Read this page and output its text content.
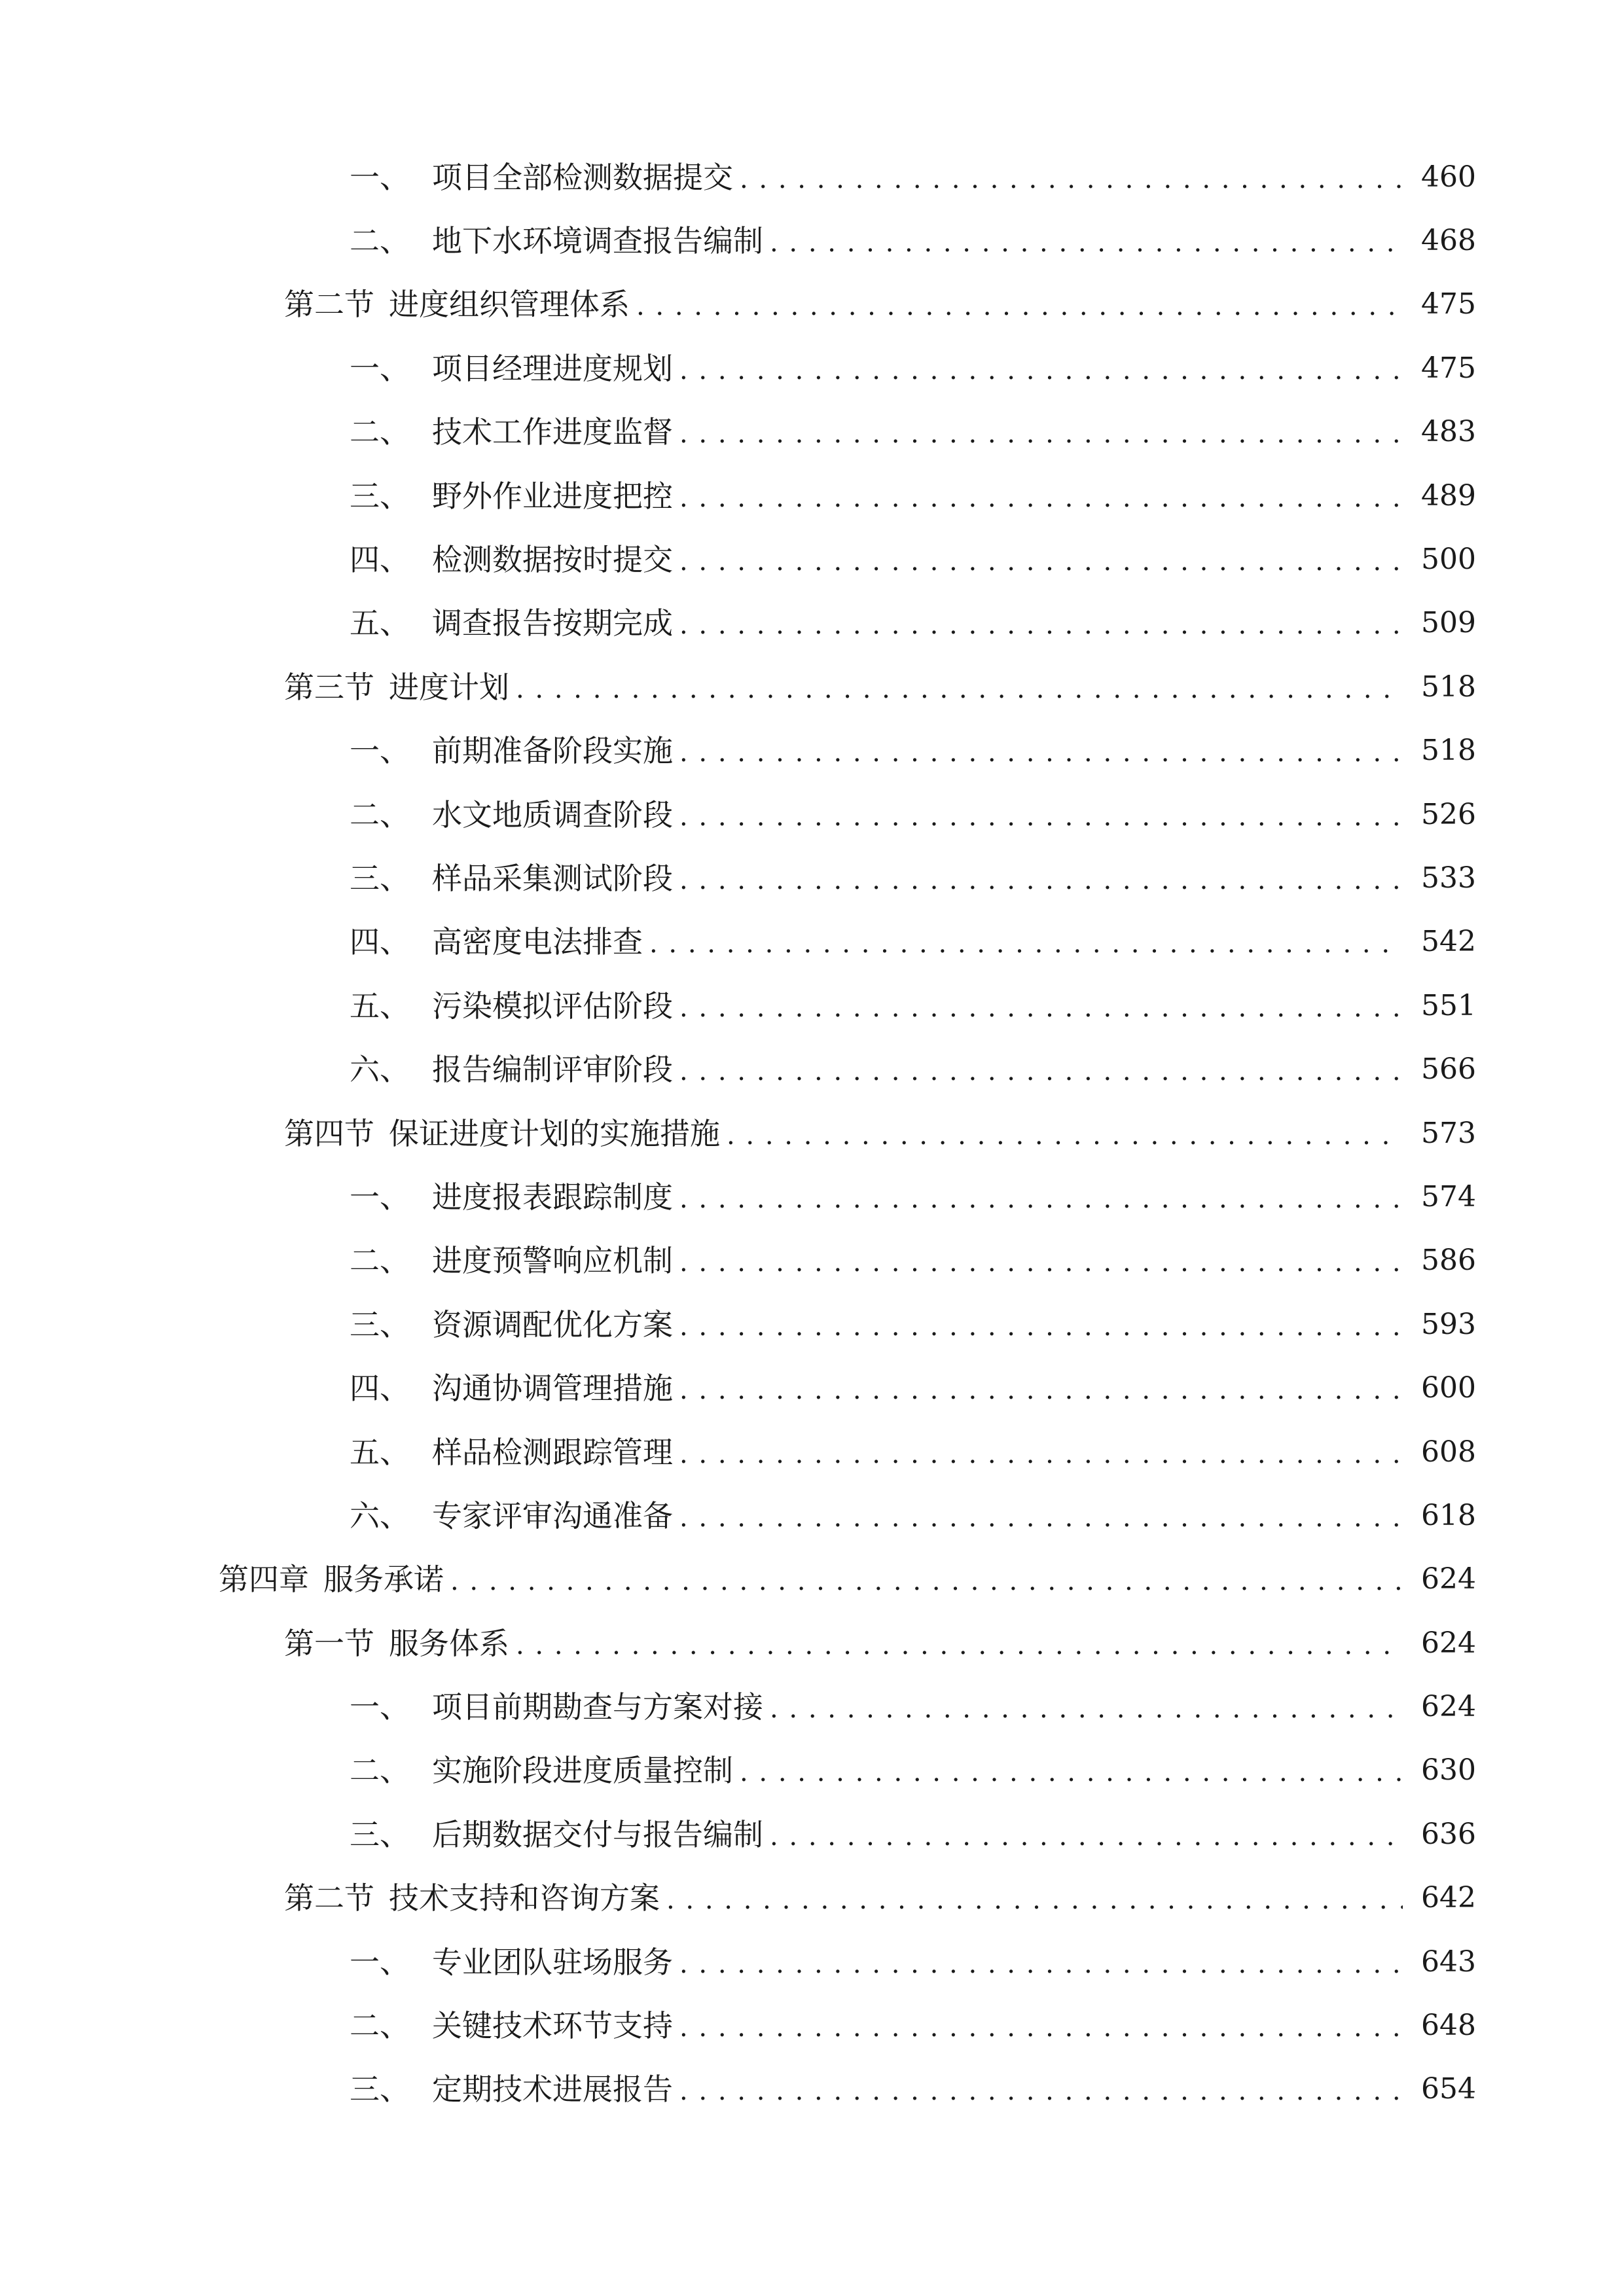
一、 项目全部检测数据提交 . . .	460
二、 地下水环境调查报告编制 . . .	468
第二节 进度组织管理体系 . . .	475
一、 项目经理进度规划 . . .	475
二、 技术工作进度监督 . . .	483
三、 野外作业进度把控 . . .	489
四、 检测数据按时提交 . . .	500
五、 调查报告按期完成 . . .	509
第三节 进度计划 . . .	518
一、 前期准备阶段实施 . . .	518
二、 水文地质调查阶段 . . .	526
三、 样品采集测试阶段 . . .	533
四、 高密度电法排查 . . .	542
五、 污染模拟评估阶段 . . .	551
六、 报告编制评审阶段 . . .	566
第四节 保证进度计划的实施措施 . . .	573
一、 进度报表跟踪制度 . . .	574
二、 进度预警响应机制 . . .	586
三、 资源调配优化方案 . . .	593
四、 沟通协调管理措施 . . .	600
五、 样品检测跟踪管理 . . .	608
六、 专家评审沟通准备 . . .	618
第四章 服务承诺 . . .	624
第一节 服务体系 . . .	624
一、 项目前期勘查与方案对接 . . .	624
二、 实施阶段进度质量控制 . . .	630
三、 后期数据交付与报告编制 . . .	636
第二节 技术支持和咨询方案 . . .	642
一、 专业团队驻场服务 . . .	643
二、 关键技术环节支持 . . .	648
三、 定期技术进展报告 . . .	654
